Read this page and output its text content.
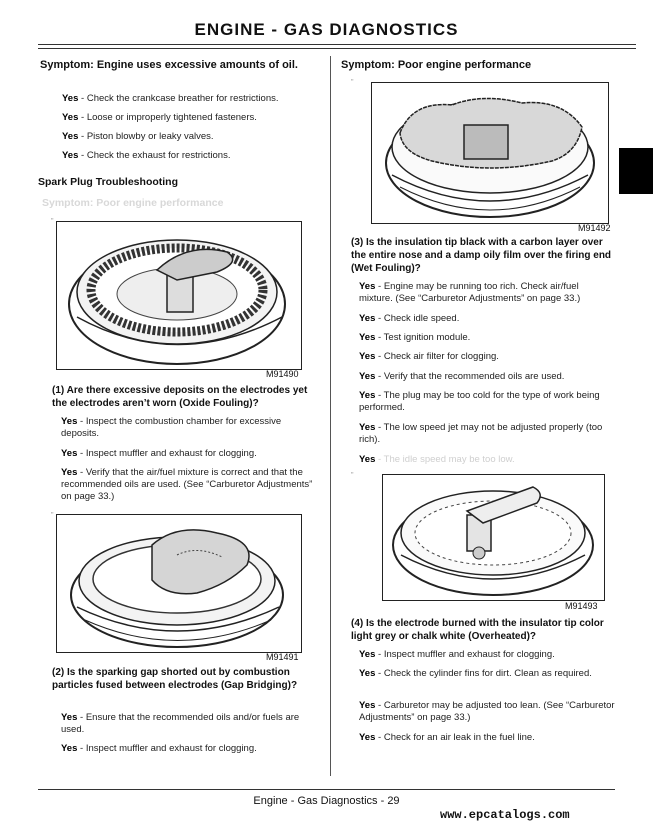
ENGINE - GAS DIAGNOSTICS
Symptom: Engine uses excessive amounts of oil.
Yes - Check the crankcase breather for restrictions.
Yes - Loose or improperly tightened fasteners.
Yes - Piston blowby or leaky valves.
Yes - Check the exhaust for restrictions.
Spark Plug Troubleshooting
Symptom: Poor engine performance
"
M91490
(1) Are there excessive deposits on the electrodes yet the electrodes aren’t worn (Oxide Fouling)?
Yes - Inspect the combustion chamber for excessive deposits.
Yes - Inspect muffler and exhaust for clogging.
Yes - Verify that the air/fuel mixture is correct and that the recommended oils are used. (See “Carburetor Adjustments” on page 33.)
"
M91491
(2) Is the sparking gap shorted out by combustion particles fused between electrodes (Gap Bridging)?
Yes - Ensure that the recommended oils and/or fuels are used.
Yes - Inspect muffler and exhaust for clogging.
Symptom: Poor engine performance
"
M91492
(3) Is the insulation tip black with a carbon layer over the entire nose and a damp oily film over the firing end (Wet Fouling)?
Yes - Engine may be running too rich. Check air/fuel mixture. (See “Carburetor Adjustments” on page 33.)
Yes - Check idle speed.
Yes - Test ignition module.
Yes - Check air filter for clogging.
Yes - Verify that the recommended oils are used.
Yes - The plug may be too cold for the type of work being performed.
Yes - The low speed jet may not be adjusted properly (too rich).
Yes - The idle speed may be too low.
"
M91493
(4) Is the electrode burned with the insulator tip color light grey or chalk white (Overheated)?
Yes - Inspect muffler and exhaust for clogging.
Yes - Check the cylinder fins for dirt. Clean as required.
Yes - Carburetor may be adjusted too lean. (See “Carburetor Adjustments” on page 33.)
Yes - Check for an air leak in the fuel line.
Engine - Gas Diagnostics - 29
www.epcatalogs.com
